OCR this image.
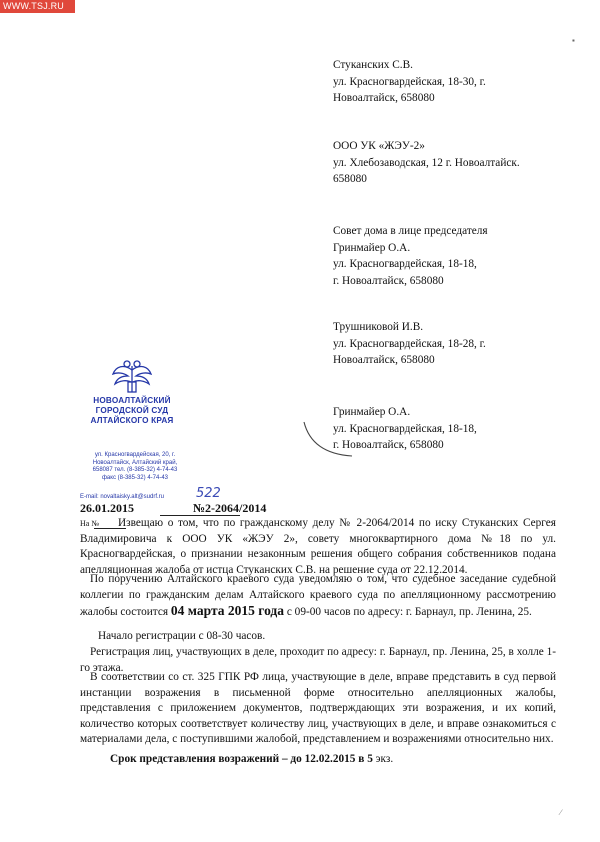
WWW.TSJ.RU
Стуканских С.В.
ул. Красногвардейская, 18-30, г.
Новоалтайск, 658080
ООО УК «ЖЭУ-2»
ул. Хлебозаводская, 12 г. Новоалтайск.
658080
Совет дома в лице председателя
Гринмайер О.А.
ул. Красногвардейская, 18-18,
г. Новоалтайск, 658080
Трушниковой И.В.
ул. Красногвардейская, 18-28, г.
Новоалтайск, 658080
Гринмайер О.А.
ул. Красногвардейская, 18-18,
г. Новоалтайск, 658080
НОВОАЛТАЙСКИЙ ГОРОДСКОЙ СУД АЛТАЙСКОГО КРАЯ
ул. Красногвардейская, 20, г. Новоалтайск, Алтайский край, 658087 тел. (8-385-32) 4-74-43 факс (8-385-32) 4-74-43
E-mail: novaltaisky.alt@sudrf.ru 522
26.01.2015	№2-2064/2014
На №	Извещаю о том, что по гражданскому делу № 2-2064/2014 по иску Стуканских Сергея Владимировича к ООО УК «ЖЭУ 2», совету многоквартирного дома №18 по ул. Красногвардейская, о признании незаконным решения общего собрания собственников подана апелляционная жалоба от истца Стуканских С.В. на решение суда от 22.12.2014.
По поручению Алтайского краевого суда уведомляю о том, что судебное заседание судебной коллегии по гражданским делам Алтайского краевого суда по апелляционному рассмотрению жалобы состоится 04 марта 2015 года с 09-00 часов по адресу: г. Барнаул, пр. Ленина, 25.
Начало регистрации с 08-30 часов.
Регистрация лиц, участвующих в деле, проходит по адресу: г. Барнаул, пр. Ленина, 25, в холле 1-го этажа.
В соответствии со ст. 325 ГПК РФ лица, участвующие в деле, вправе представить в суд первой инстанции возражения в письменной форме относительно апелляционных жалобы, представления с приложением документов, подтверждающих эти возражения, и их копий, количество которых соответствует количеству лиц, участвующих в деле, и вправе ознакомиться с материалами дела, с поступившими жалобой, представлением и возражениями относительно них.
Срок представления возражений – до 12.02.2015 в 5 экз.
▪
⁄
